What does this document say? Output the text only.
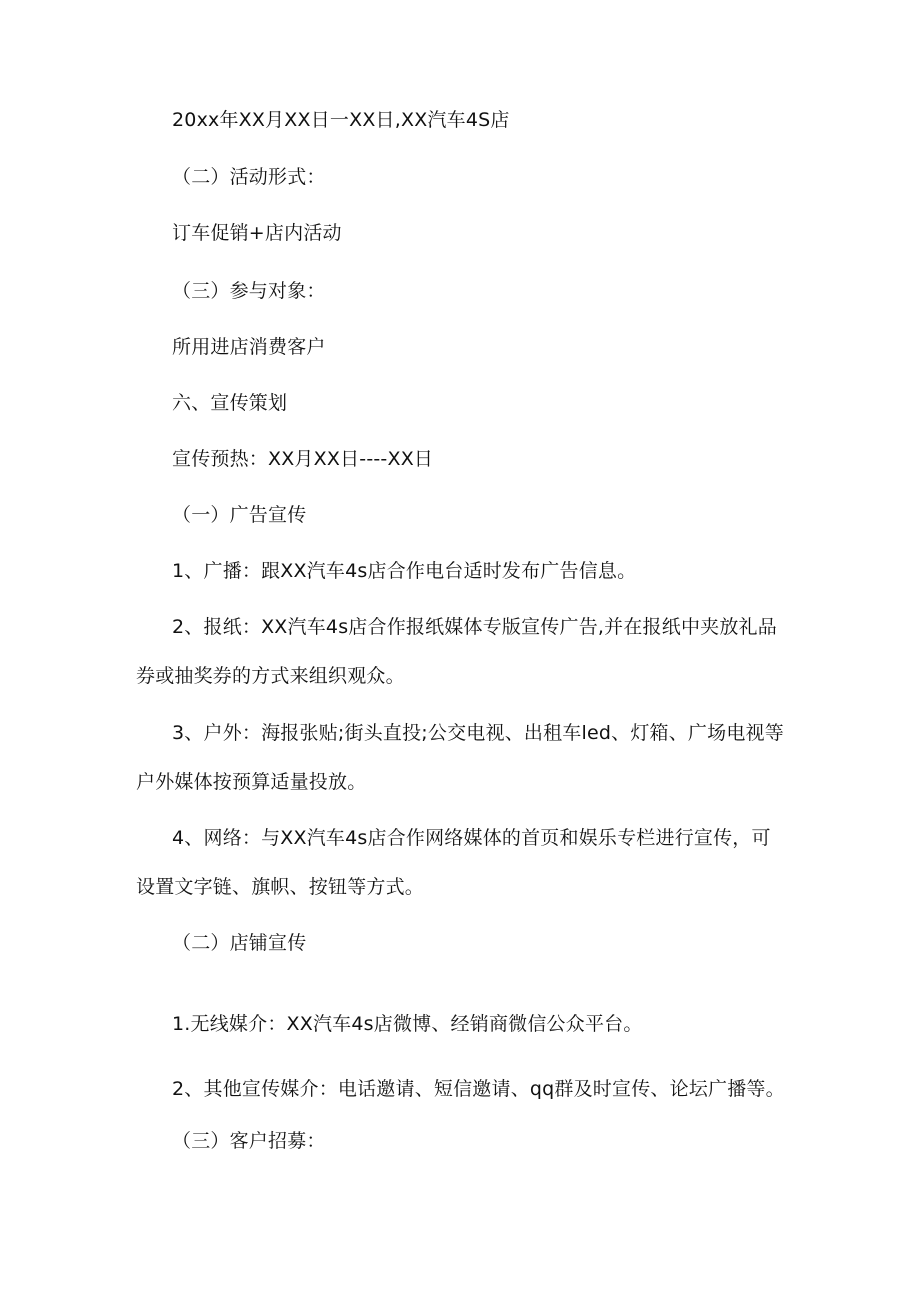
20xx年XX月XX日一XX日,XX汽车4S店
（二）活动形式：
订车促销+店内活动
（三）参与对象：
所用进店消费客户
六、宣传策划
宣传预热：XX月XX日----XX日
（一）广告宣传
1、广播：跟XX汽车4s店合作电台适时发布广告信息。
2、报纸：XX汽车4s店合作报纸媒体专版宣传广告,并在报纸中夹放礼品
券或抽奖券的方式来组织观众。
3、户外：海报张贴;街头直投;公交电视、出租车led、灯箱、广场电视等
户外媒体按预算适量投放。
4、网络：与XX汽车4s店合作网络媒体的首页和娱乐专栏进行宣传，可
设置文字链、旗帜、按钮等方式。
（二）店铺宣传
1.无线媒介：XX汽车4s店微博、经销商微信公众平台。
2、其他宣传媒介：电话邀请、短信邀请、qq群及时宣传、论坛广播等。
（三）客户招募：
